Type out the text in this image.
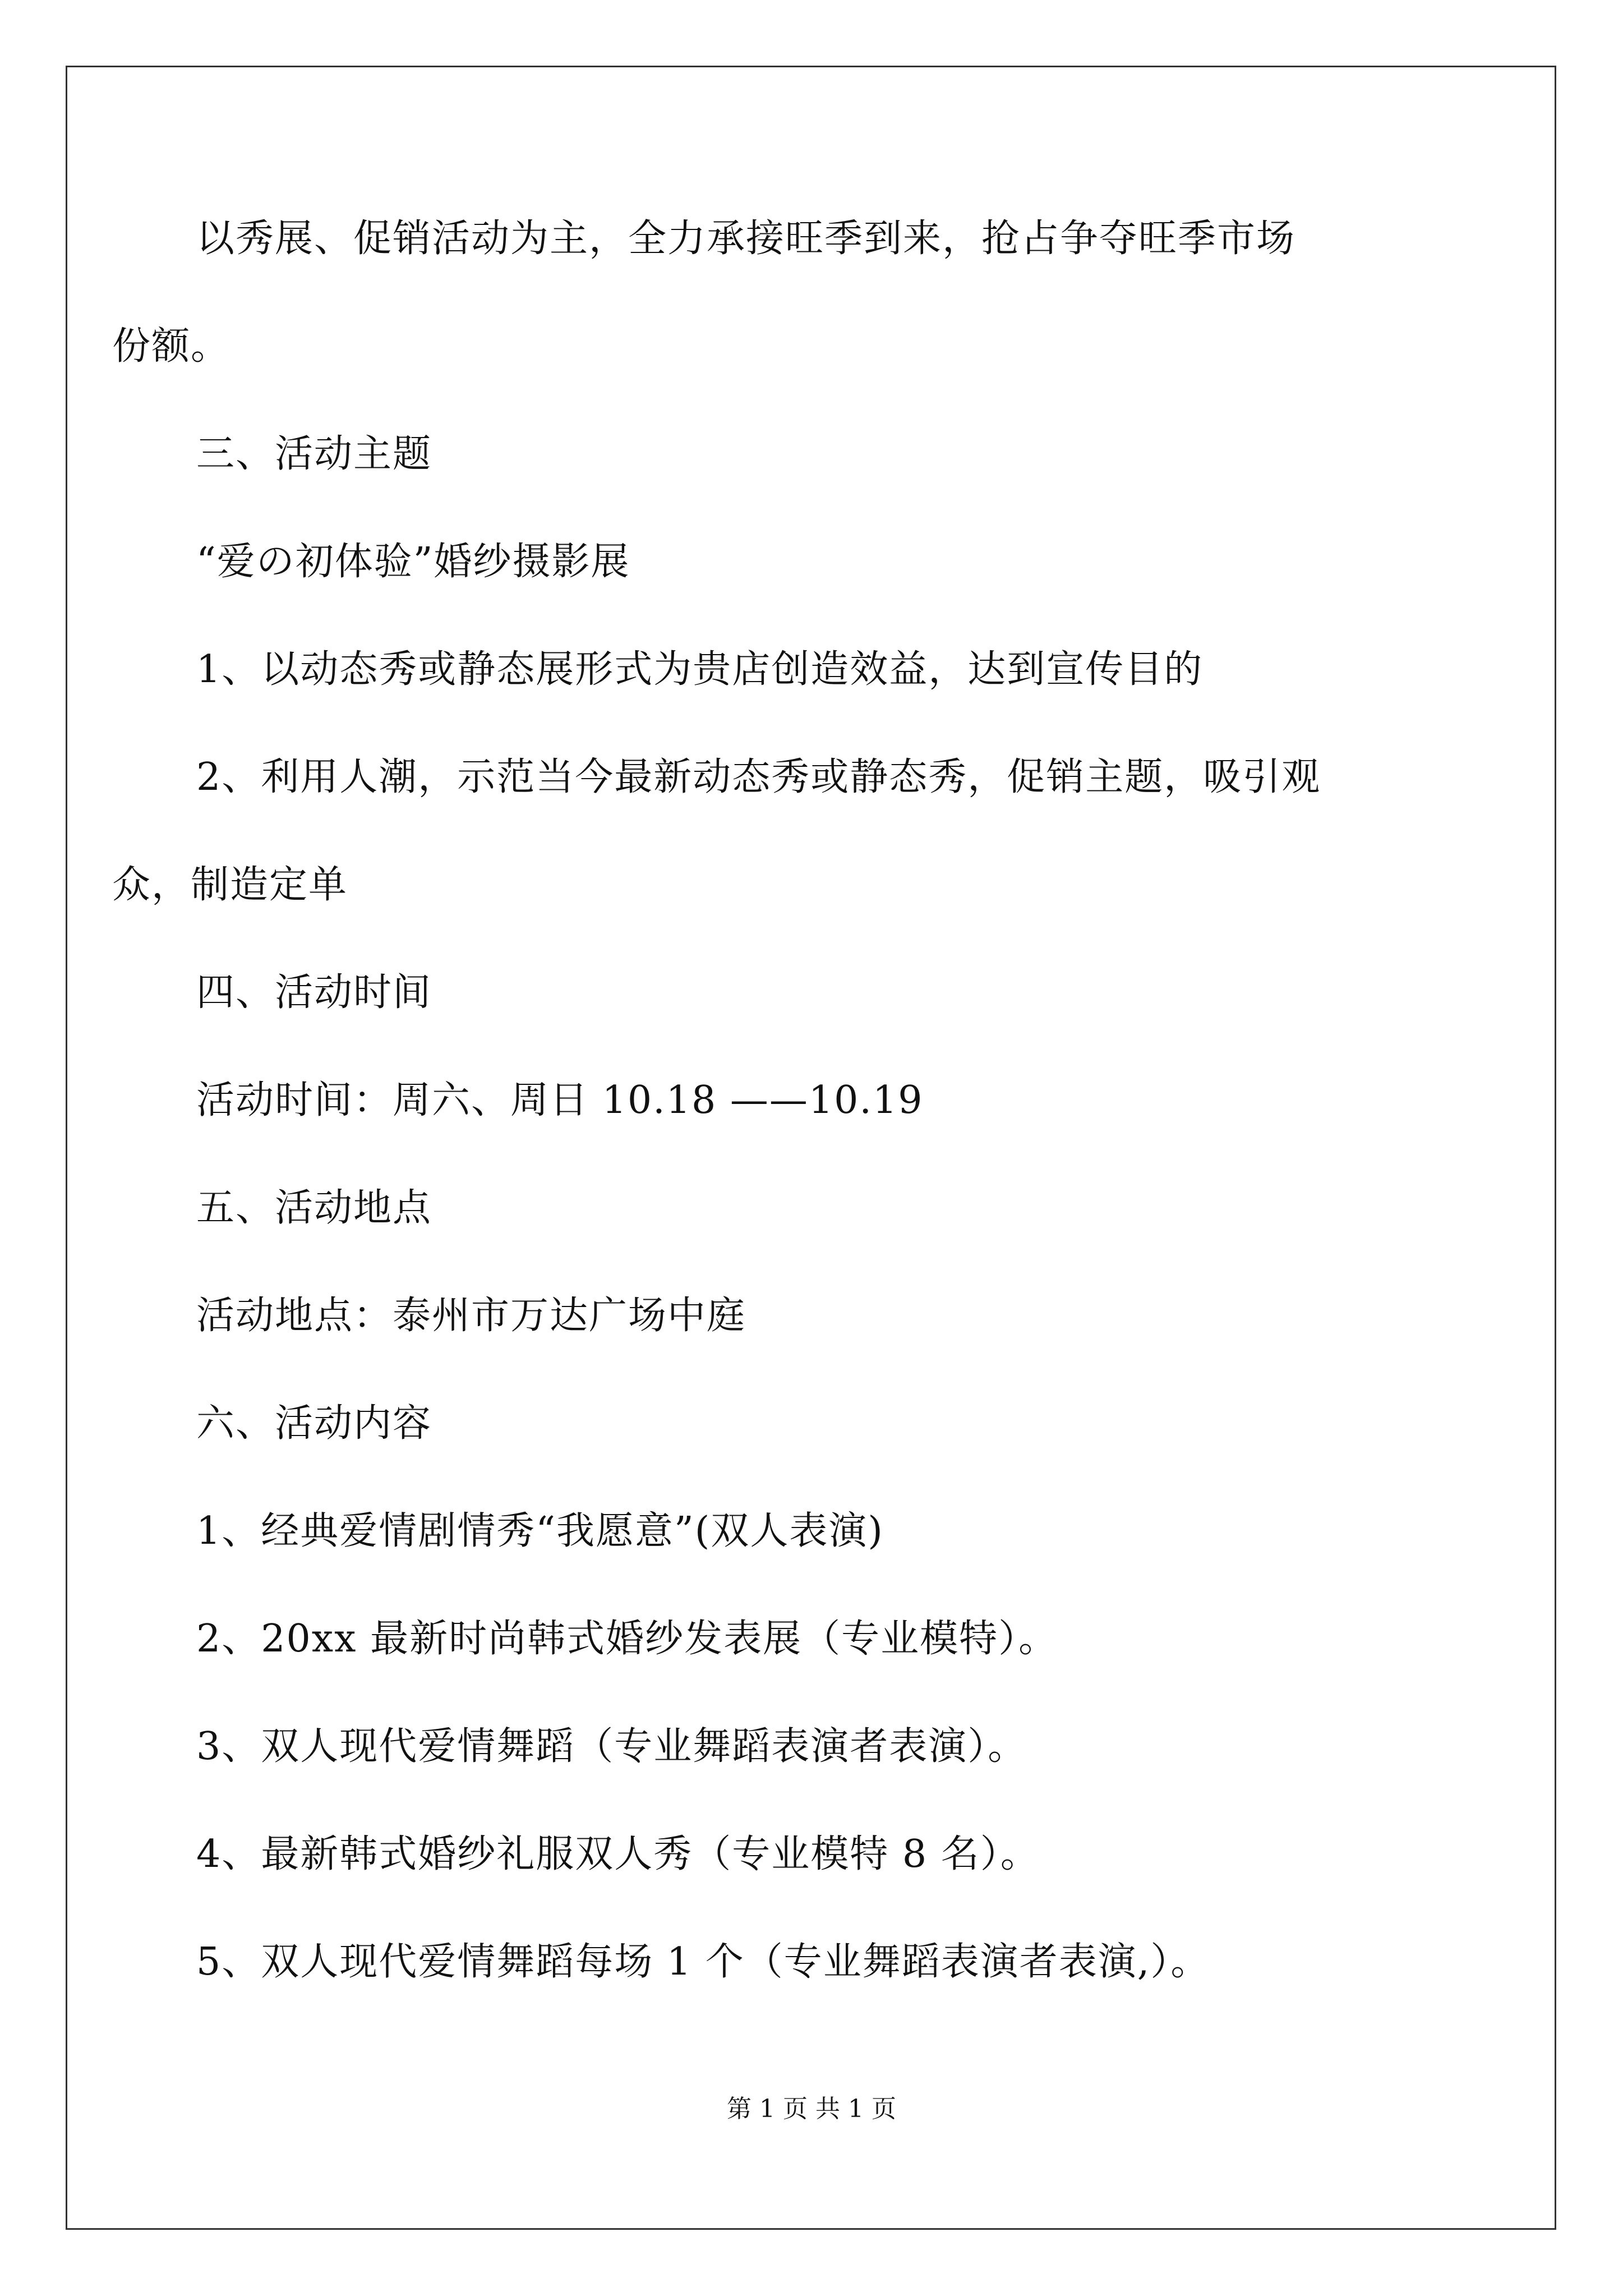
以秀展、促销活动为主，全力承接旺季到来，抢占争夺旺季市场
份额。
三、活动主题
“爱の初体验”婚纱摄影展
1、以动态秀或静态展形式为贵店创造效益，达到宣传目的
2、利用人潮，示范当今最新动态秀或静态秀，促销主题，吸引观
众，制造定单
四、活动时间
活动时间：周六、周日 10.18 ——10.19
五、活动地点
活动地点：泰州市万达广场中庭
六、活动内容
1、经典爱情剧情秀“我愿意”(双人表演)
2、20xx 最新时尚韩式婚纱发表展（专业模特）。
3、双人现代爱情舞蹈（专业舞蹈表演者表演）。
4、最新韩式婚纱礼服双人秀（专业模特 8 名）。
5、双人现代爱情舞蹈每场 1 个（专业舞蹈表演者表演,）。
第 1 页 共 1 页
